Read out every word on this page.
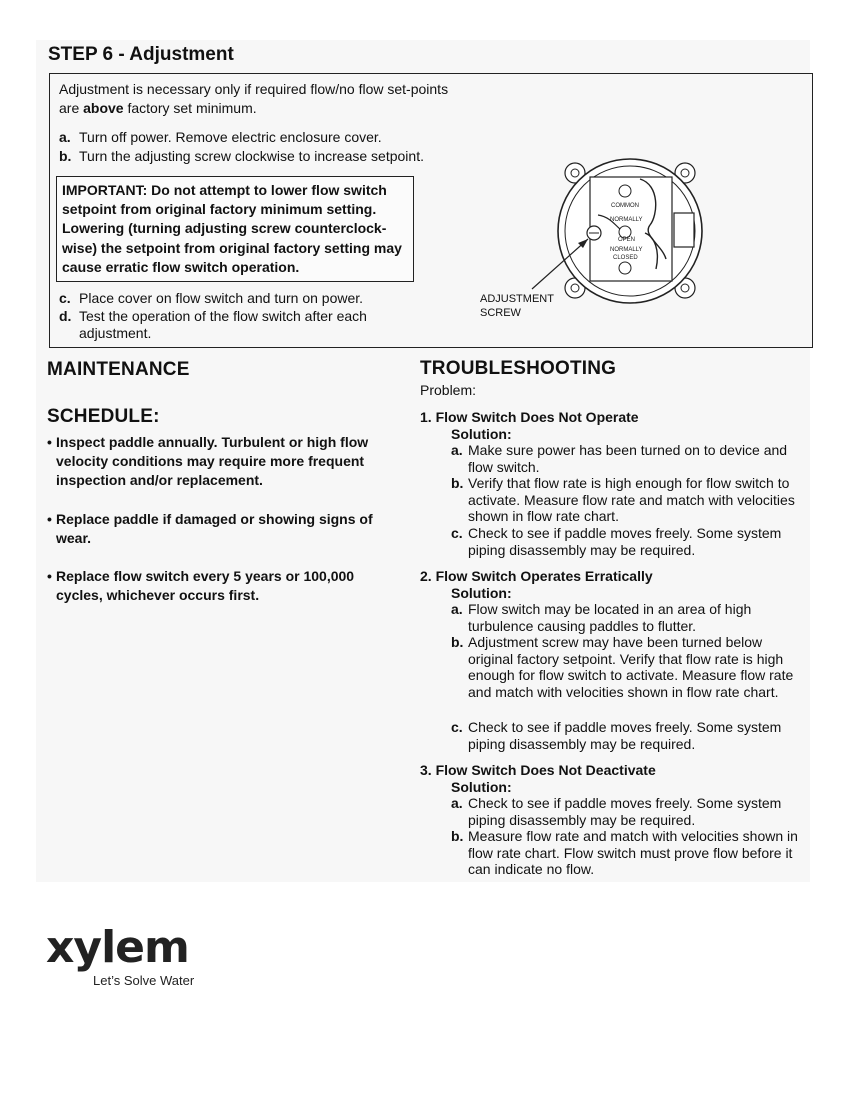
STEP 6 - Adjustment

Adjustment is necessary only if required flow/no flow set-points are above factory set minimum.

a. Turn off power. Remove electric enclosure cover.

b. Turn the adjusting screw clockwise to increase setpoint.

IMPORTANT: Do not attempt to lower flow switch setpoint from original factory minimum setting. Lowering (turning adjusting screw counterclock-wise) the setpoint from original factory setting may cause erratic flow switch operation.

c. Place cover on flow switch and turn on power.

d. Test the operation of the flow switch after each adjustment.

COMMON
NORMALLY
OPEN
NORMALLY
CLOSED

ADJUSTMENT
SCREW

MAINTENANCE
SCHEDULE:

• Inspect paddle annually. Turbulent or high flow velocity conditions may require more frequent inspection and/or replacement.

• Replace paddle if damaged or showing signs of wear.

• Replace flow switch every 5 years or 100,000 cycles, whichever occurs first.

TROUBLESHOOTING

Problem:

1. Flow Switch Does Not Operate

Solution:

a. Make sure power has been turned on to device and flow switch.

b. Verify that flow rate is high enough for flow switch to activate. Measure flow rate and match with velocities shown in flow rate chart.

c. Check to see if paddle moves freely. Some system piping disassembly may be required.

2. Flow Switch Operates Erratically

Solution:

a. Flow switch may be located in an area of high turbulence causing paddles to flutter.

b. Adjustment screw may have been turned below original factory setpoint. Verify that flow rate is high enough for flow switch to activate. Measure flow rate and match with velocities shown in flow rate chart.

c. Check to see if paddle moves freely. Some system piping disassembly may be required.

3. Flow Switch Does Not Deactivate

Solution:

a. Check to see if paddle moves freely. Some system piping disassembly may be required.

b. Measure flow rate and match with velocities shown in flow rate chart. Flow switch must prove flow before it can indicate no flow.

xylem

Let’s Solve Water
